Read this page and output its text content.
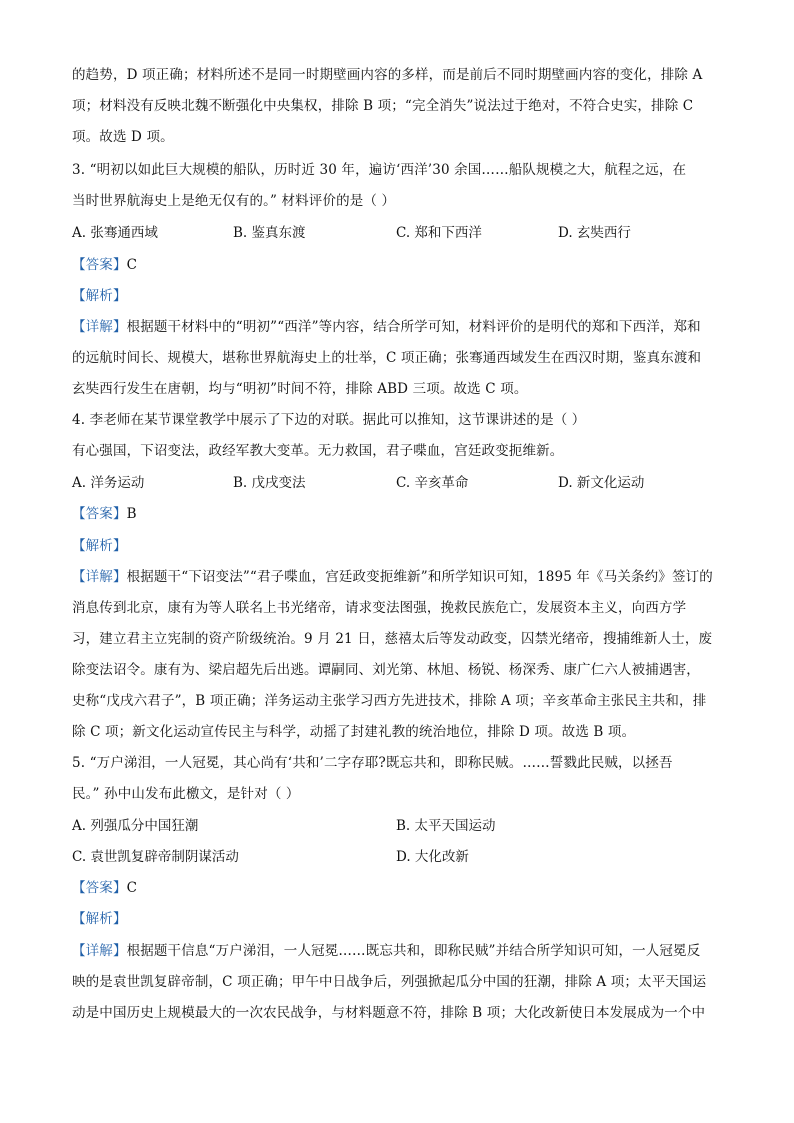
的趋势，D 项正确；材料所述不是同一时期壁画内容的多样，而是前后不同时期壁画内容的变化，排除 A
项；材料没有反映北魏不断强化中央集权，排除 B 项；“完全消失”说法过于绝对，不符合史实，排除 C
项。故选 D 项。
3. “明初以如此巨大规模的船队，历时近 30 年，遍访‘西洋’30 余国……船队规模之大，航程之远，在
当时世界航海史上是绝无仅有的。” 材料评价的是（ ）
A. 张骞通西域	B. 鉴真东渡	C. 郑和下西洋	D. 玄奘西行
【答案】C
【解析】
【详解】根据题干材料中的“明初”“西洋”等内容，结合所学可知，材料评价的是明代的郑和下西洋，郑和
的远航时间长、规模大，堪称世界航海史上的壮举，C 项正确；张骞通西域发生在西汉时期，鉴真东渡和
玄奘西行发生在唐朝，均与“明初”时间不符，排除 ABD 三项。故选 C 项。
4. 李老师在某节课堂教学中展示了下边的对联。据此可以推知，这节课讲述的是（ ）
有心强国，下诏变法，政经军教大变革。无力救国，君子喋血，宫廷政变扼维新。
A. 洋务运动	B. 戊戌变法	C. 辛亥革命	D. 新文化运动
【答案】B
【解析】
【详解】根据题干“下诏变法”“君子喋血，宫廷政变扼维新”和所学知识可知，1895 年《马关条约》签订的
消息传到北京，康有为等人联名上书光绪帝，请求变法图强，挽救民族危亡，发展资本主义，向西方学
习，建立君主立宪制的资产阶级统治。9 月 21 日，慈禧太后等发动政变，囚禁光绪帝，搜捕维新人士，废
除变法诏令。康有为、梁启超先后出逃。谭嗣同、刘光第、林旭、杨锐、杨深秀、康广仁六人被捕遇害，
史称“戊戌六君子”，B 项正确；洋务运动主张学习西方先进技术，排除 A 项；辛亥革命主张民主共和，排
除 C 项；新文化运动宣传民主与科学，动摇了封建礼教的统治地位，排除 D 项。故选 B 项。
5. “万户涕泪，一人冠冕，其心尚有‘共和’二字存耶?既忘共和，即称民贼。……誓戮此民贼，以拯吾
民。” 孙中山发布此檄文，是针对（ ）
A. 列强瓜分中国狂潮	B. 太平天国运动
C. 袁世凯复辟帝制阴谋活动	D. 大化改新
【答案】C
【解析】
【详解】根据题干信息“万户涕泪，一人冠冕……既忘共和，即称民贼”并结合所学知识可知，一人冠冕反
映的是袁世凯复辟帝制，C 项正确；甲午中日战争后，列强掀起瓜分中国的狂潮，排除 A 项；太平天国运
动是中国历史上规模最大的一次农民战争，与材料题意不符，排除 B 项；大化改新使日本发展成为一个中
